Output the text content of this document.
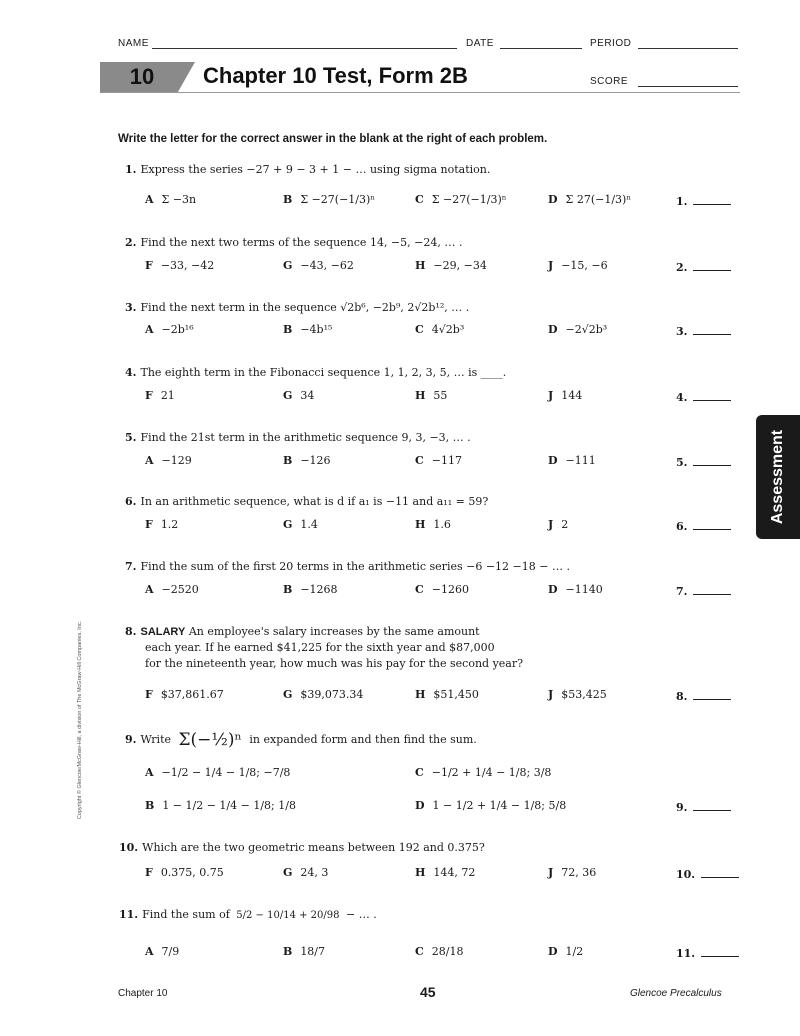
NAME	DATE	PERIOD
10	Chapter 10 Test, Form 2B	SCORE
Write the letter for the correct answer in the blank at the right of each problem.
1. Express the series −27 + 9 − 3 + 1 − … using sigma notation.
A Σ −3n	B Σ −27(−1/3)ⁿ	C Σ −27(−1/3)ⁿ	D Σ 27(−1/3)ⁿ	1.
2. Find the next two terms of the sequence 14, −5, −24, … .
F −33, −42	G −43, −62	H −29, −34	J −15, −6	2.
3. Find the next term in the sequence √2b⁶, −2b⁹, 2√2b¹², … .
A −2b¹⁶	B −4b¹⁵	C 4√2b³	D −2√2b³	3.
4. The eighth term in the Fibonacci sequence 1, 1, 2, 3, 5, … is ____.
F 21	G 34	H 55	J 144	4.
5. Find the 21st term in the arithmetic sequence 9, 3, −3, … .
A −129	B −126	C −117	D −111	5.
6. In an arithmetic sequence, what is d if a₁ is −11 and a₁₁ = 59?
F 1.2	G 1.4	H 1.6	J 2	6.
7. Find the sum of the first 20 terms in the arithmetic series −6 −12 −18 − … .
A −2520	B −1268	C −1260	D −1140	7.
8. SALARY An employee's salary increases by the same amount
each year. If he earned $41,225 for the sixth year and $87,000
for the nineteenth year, how much was his pay for the second year?
F $37,861.67	G $39,073.34	H $51,450	J $53,425	8.
9. Write Σ(−½)ⁿ in expanded form and then find the sum.
A −1/2 − 1/4 − 1/8; −7/8	C −1/2 + 1/4 − 1/8; 3/8
B 1 − 1/2 − 1/4 − 1/8; 1/8	D 1 − 1/2 + 1/4 − 1/8; 5/8	9.
10. Which are the two geometric means between 192 and 0.375?
F 0.375, 0.75	G 24, 3	H 144, 72	J 72, 36	10.
11. Find the sum of 5/2 − 10/14 + 20/98 − … .
A 7/9	B 18/7	C 28/18	D 1/2	11.
Assessment
Copyright © Glencoe/McGraw-Hill, a division of The McGraw-Hill Companies, Inc.
Chapter 10	45	Glencoe Precalculus
